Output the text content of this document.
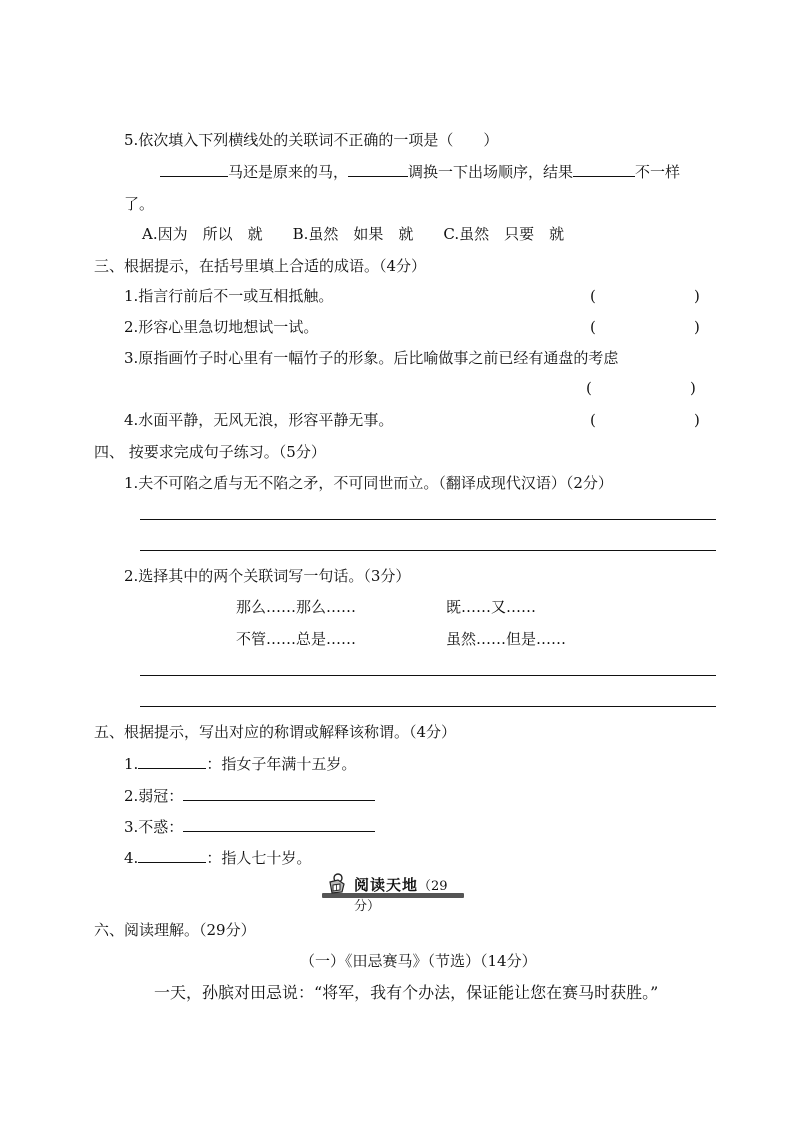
5.依次填入下列横线处的关联词不正确的一项是（　　）
马还是原来的马，	调换一下出场顺序，结果	不一样
了。
A.因为　所以　就　　B.虽然　如果　就　　C.虽然　只要　就
三、根据提示，在括号里填上合适的成语。（4分）
1.指言行前后不一或互相抵触。	(	)
2.形容心里急切地想试一试。	(	)
3.原指画竹子时心里有一幅竹子的形象。后比喻做事之前已经有通盘的考虑
(	)
4.水面平静，无风无浪，形容平静无事。	(	)
四、 按要求完成句子练习。（5分）
1.夫不可陷之盾与无不陷之矛，不可同世而立。（翻译成现代汉语）（2分）
2.选择其中的两个关联词写一句话。（3分）
那么……那么……	既……又……
不管……总是……	虽然……但是……
五、根据提示，写出对应的称谓或解释该称谓。（4分）
1.	：指女子年满十五岁。
2.弱冠：
3.不惑：
4.	：指人七十岁。
阅读天地（29 分）
六、阅读理解。（29分）
（一）《田忌赛马》（节选）（14分）
一天，孙膑对田忌说：“将军，我有个办法，保证能让您在赛马时获胜。”
